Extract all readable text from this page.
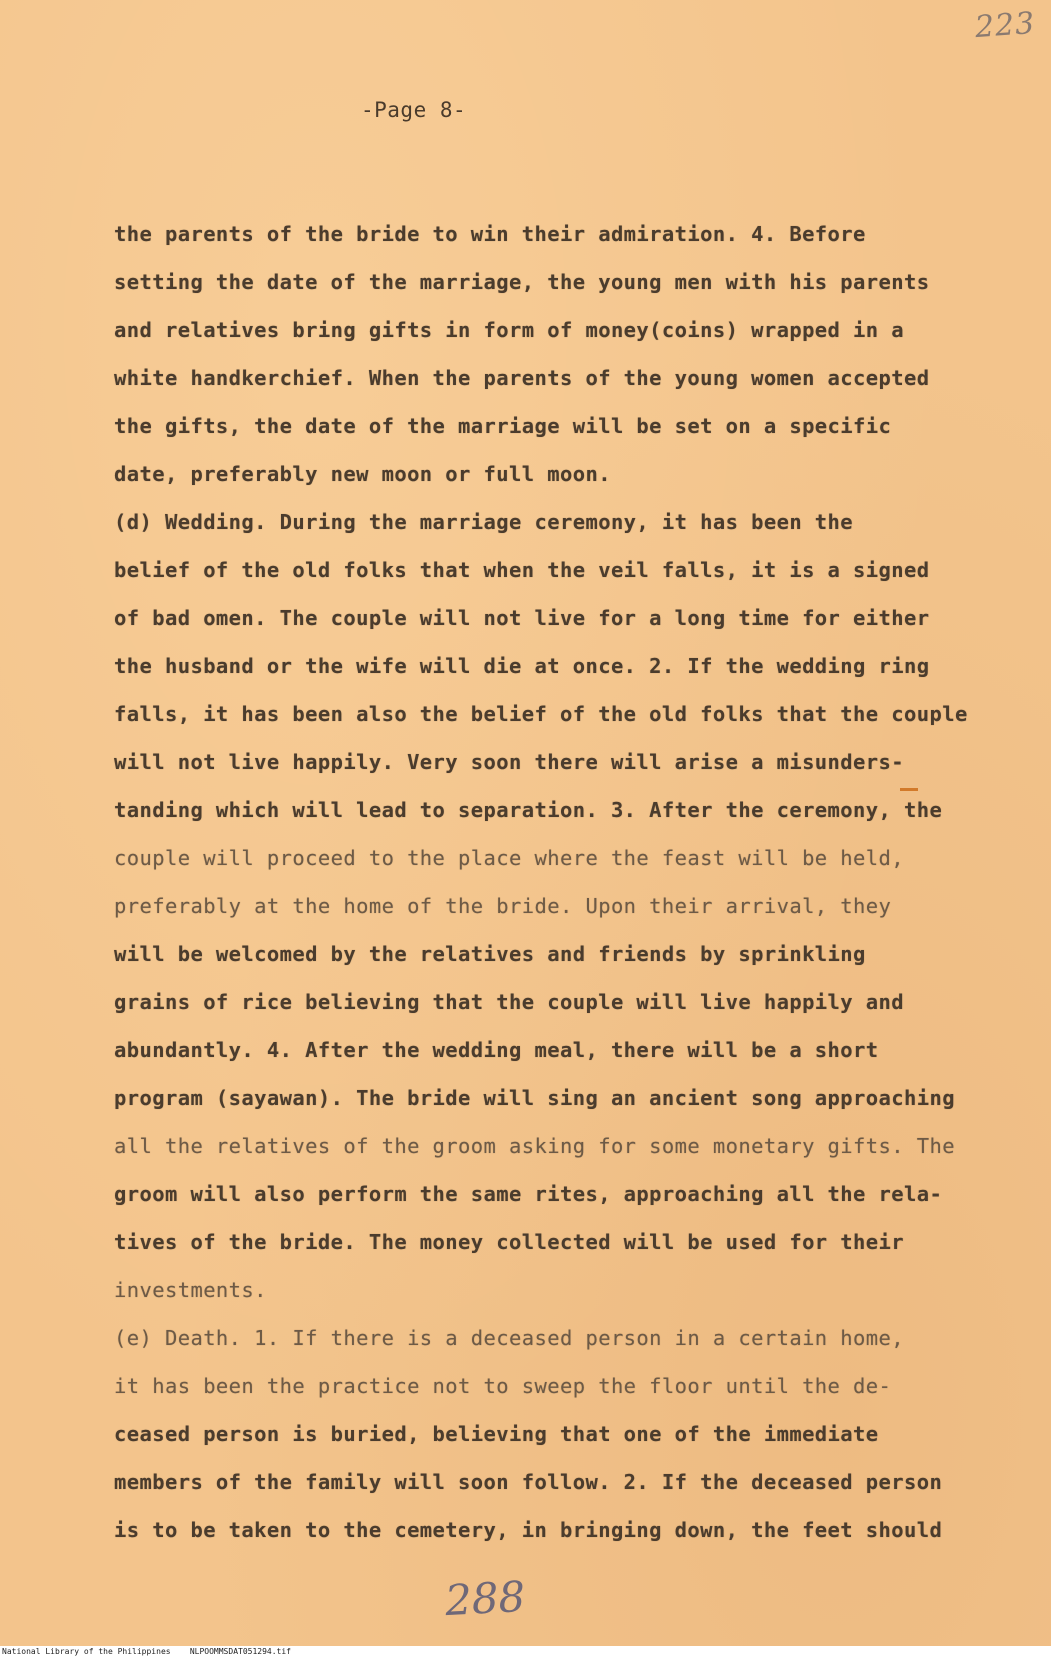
223
-Page 8-
the parents of the bride to win their admiration. 4. Before
setting the date of the marriage, the young men with his parents
and relatives bring gifts in form of money(coins) wrapped in a
white handkerchief. When the parents of the young women accepted
the gifts, the date of the marriage will be set on a specific
date, preferably new moon or full moon.
(d) Wedding. During the marriage ceremony, it has been the
belief of the old folks that when the veil falls, it is a signed
of bad omen. The couple will not live for a long time for either
the husband or the wife will die at once. 2. If the wedding ring
falls, it has been also the belief of the old folks that the couple
will not live happily. Very soon there will arise a misunders-
tanding which will lead to separation. 3. After the ceremony, the
couple will proceed to the place where the feast will be held,
preferably at the home of the bride. Upon their arrival, they
will be welcomed by the relatives and friends by sprinkling
grains of rice believing that the couple will live happily and
abundantly. 4. After the wedding meal, there will be a short
program (sayawan). The bride will sing an ancient song approaching
all the relatives of the groom asking for some monetary gifts. The
groom will also perform the same rites, approaching all the rela-
tives of the bride. The money collected will be used for their
investments.
(e) Death. 1. If there is a deceased person in a certain home,
it has been the practice not to sweep the floor until the de-
ceased person is buried, believing that one of the immediate
members of the family will soon follow. 2. If the deceased person
is to be taken to the cemetery, in bringing down, the feet should
288
National Library of the Philippines    NLPOOMMSDAT051294.tif
